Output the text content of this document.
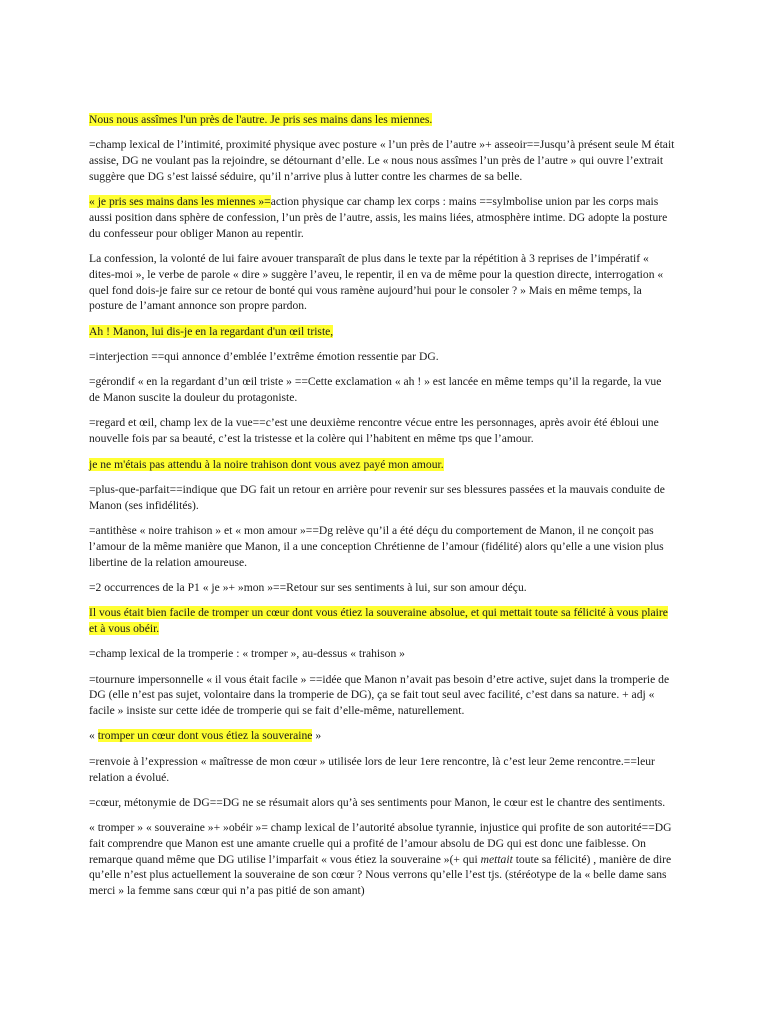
Nous nous assîmes l'un près de l'autre. Je pris ses mains dans les miennes.

=champ lexical de l’intimité, proximité physique avec posture « l’un près de l’autre »+ asseoir==Jusqu’à présent seule M était assise, DG ne voulant pas la rejoindre, se détournant d’elle. Le « nous nous assîmes l’un près de l’autre » qui ouvre l’extrait suggère que DG s’est laissé séduire, qu’il n’arrive plus à lutter contre les charmes de sa belle.

« je pris ses mains dans les miennes »=action physique car champ lex corps : mains ==sylmbolise union par les corps mais aussi position dans sphère de confession, l’un près de l’autre, assis, les mains liées, atmosphère intime. DG adopte la posture du confesseur pour obliger Manon au repentir.

La confession, la volonté de lui faire avouer transparaît de plus dans le texte par la répétition à 3 reprises de l’impératif « dites-moi », le verbe de parole « dire » suggère l’aveu, le repentir, il en va de même pour la question directe, interrogation « quel fond dois-je faire sur ce retour de bonté qui vous ramène aujourd’hui pour le consoler ? » Mais en même temps, la posture de l’amant annonce son propre pardon.

Ah ! Manon, lui dis-je en la regardant d'un œil triste,

=interjection ==qui annonce d’emblée l’extrême émotion ressentie par DG.

=gérondif « en la regardant d’un œil triste » ==Cette exclamation « ah ! » est lancée en même temps qu’il la regarde, la vue de Manon suscite la douleur du protagoniste.

=regard et œil, champ lex de la vue==c’est une deuxième rencontre vécue entre les personnages, après avoir été ébloui une nouvelle fois par sa beauté, c’est la tristesse et la colère qui l’habitent en même tps que l’amour.

je ne m'étais pas attendu à la noire trahison dont vous avez payé mon amour.

=plus-que-parfait==indique que DG fait un retour en arrière pour revenir sur ses blessures passées et la mauvais conduite de Manon (ses infidélités).

=antithèse « noire trahison » et « mon amour »==Dg relève qu’il a été déçu du comportement de Manon, il ne conçoit pas l’amour de la même manière que Manon, il a une conception Chrétienne de l’amour (fidélité) alors qu’elle a une vision plus libertine de la relation amoureuse.

=2 occurrences de la P1 « je »+ »mon »==Retour sur ses sentiments à lui, sur son amour déçu.

Il vous était bien facile de tromper un cœur dont vous étiez la souveraine absolue, et qui mettait toute sa félicité à vous plaire et à vous obéir.

=champ lexical de la tromperie : « tromper », au-dessus « trahison »

=tournure impersonnelle « il vous était facile » ==idée que Manon n’avait pas besoin d’etre active, sujet dans la tromperie de DG (elle n’est pas sujet, volontaire dans la tromperie de DG), ça se fait tout seul avec facilité, c’est dans sa nature. + adj « facile » insiste sur cette idée de tromperie qui se fait d’elle-même, naturellement.

« tromper un cœur dont vous étiez la souveraine »

=renvoie à l’expression « maîtresse de mon cœur » utilisée lors de leur 1ere rencontre, là c’est leur 2eme rencontre.==leur relation a évolué.

=cœur, métonymie de DG==DG ne se résumait alors qu’à ses sentiments pour Manon, le cœur est le chantre des sentiments.

« tromper » « souveraine »+ »obéir »= champ lexical de l’autorité absolue tyrannie, injustice qui profite de son autorité==DG fait comprendre que Manon est une amante cruelle qui a profité de l’amour absolu de DG qui est donc une faiblesse. On remarque quand même que DG utilise l’imparfait « vous étiez la souveraine »(+ qui mettait toute sa félicité) , manière de dire qu’elle n’est plus actuellement la souveraine de son cœur ? Nous verrons qu’elle l’est tjs. (stéréotype de la « belle dame sans merci » la femme sans cœur qui n’a pas pitié de son amant)
